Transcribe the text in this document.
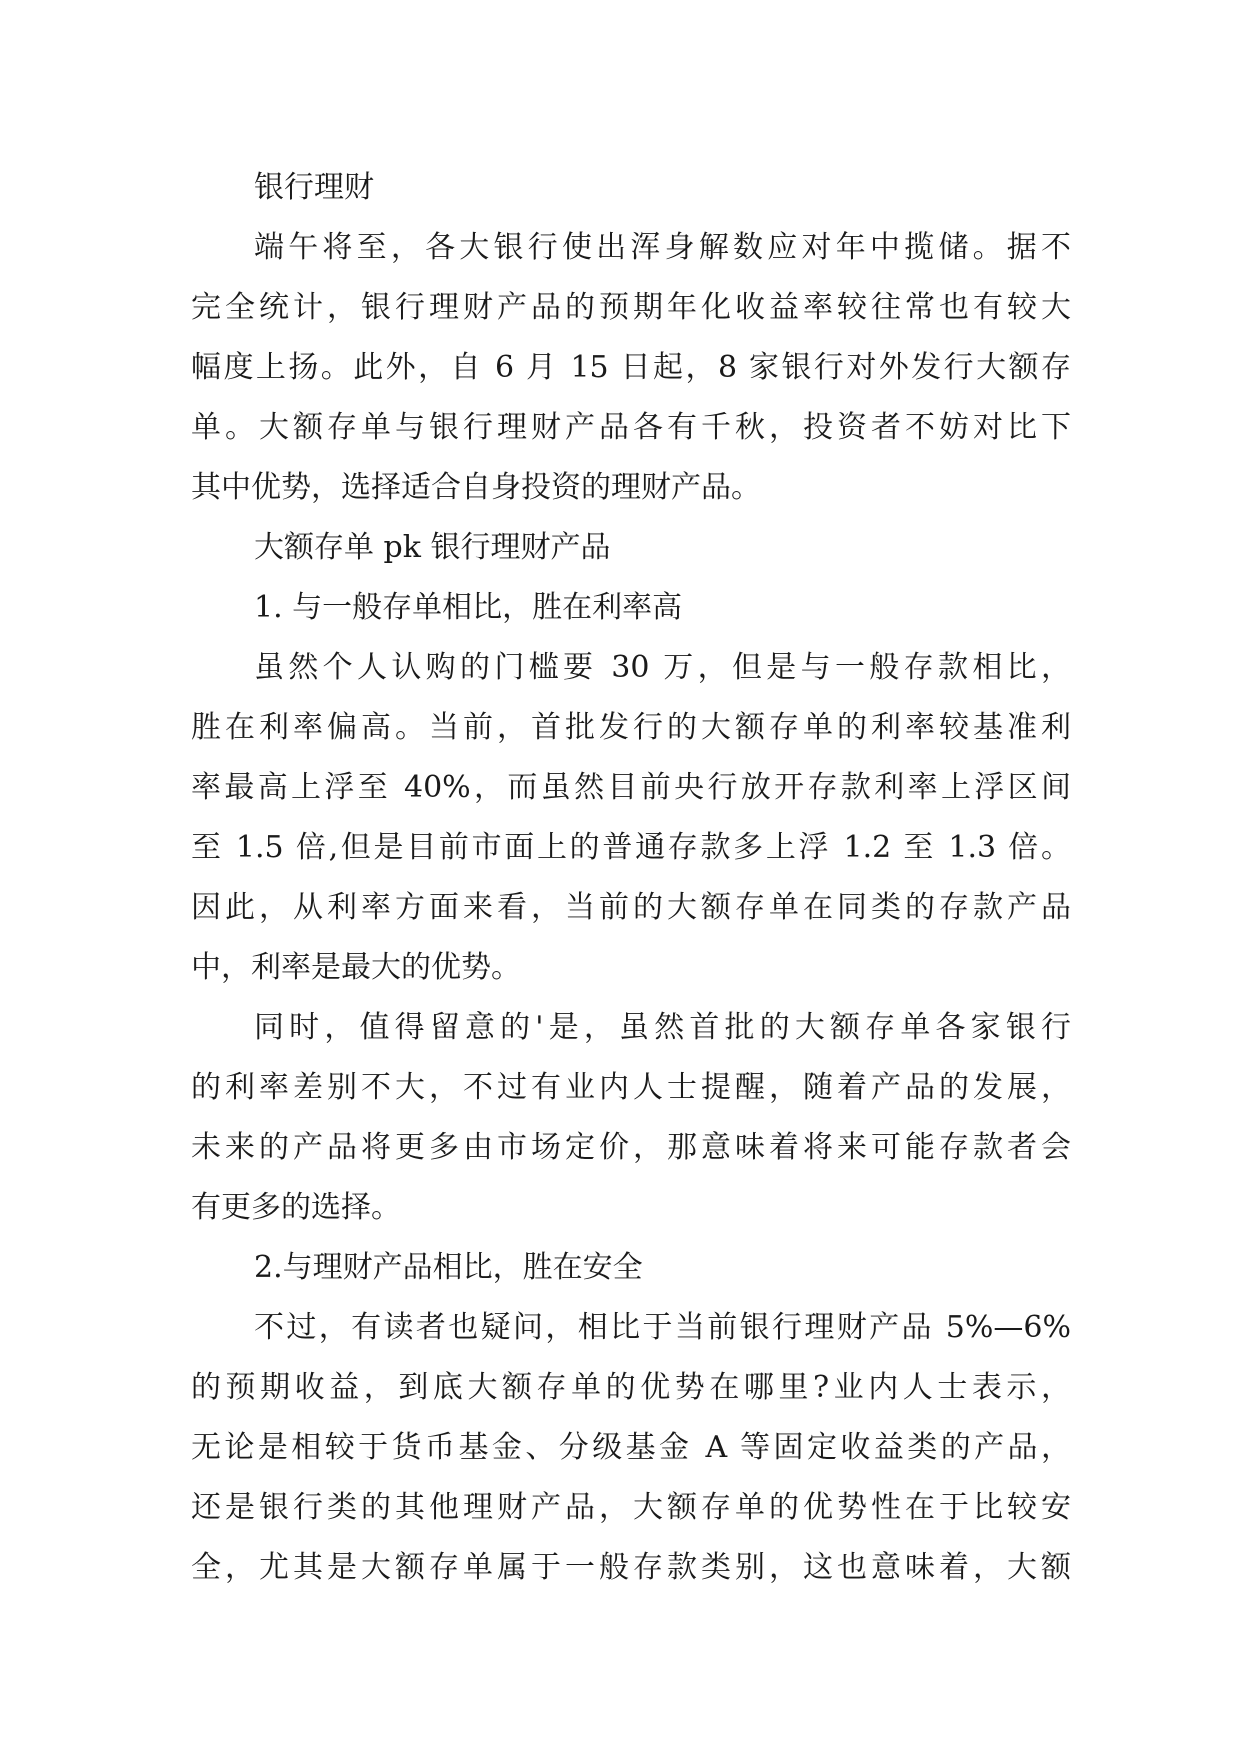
银行理财
端午将至，各大银行使出浑身解数应对年中揽储。据不
完全统计，银行理财产品的预期年化收益率较往常也有较大
幅度上扬。此外，自 6 月 15 日起，8 家银行对外发行大额存
单。大额存单与银行理财产品各有千秋，投资者不妨对比下
其中优势，选择适合自身投资的理财产品。
大额存单 pk 银行理财产品
1. 与一般存单相比，胜在利率高
虽然个人认购的门槛要 30 万，但是与一般存款相比，
胜在利率偏高。当前，首批发行的大额存单的利率较基准利
率最高上浮至 40%，而虽然目前央行放开存款利率上浮区间
至 1.5 倍,但是目前市面上的普通存款多上浮 1.2 至 1.3 倍。
因此，从利率方面来看，当前的大额存单在同类的存款产品
中，利率是最大的优势。
同时，值得留意的'是，虽然首批的大额存单各家银行
的利率差别不大，不过有业内人士提醒，随着产品的发展，
未来的产品将更多由市场定价，那意味着将来可能存款者会
有更多的选择。
2.与理财产品相比，胜在安全
不过，有读者也疑问，相比于当前银行理财产品 5%—6%
的预期收益，到底大额存单的优势在哪里?业内人士表示，
无论是相较于货币基金、分级基金 A 等固定收益类的产品，
还是银行类的其他理财产品，大额存单的优势性在于比较安
全，尤其是大额存单属于一般存款类别，这也意味着，大额
